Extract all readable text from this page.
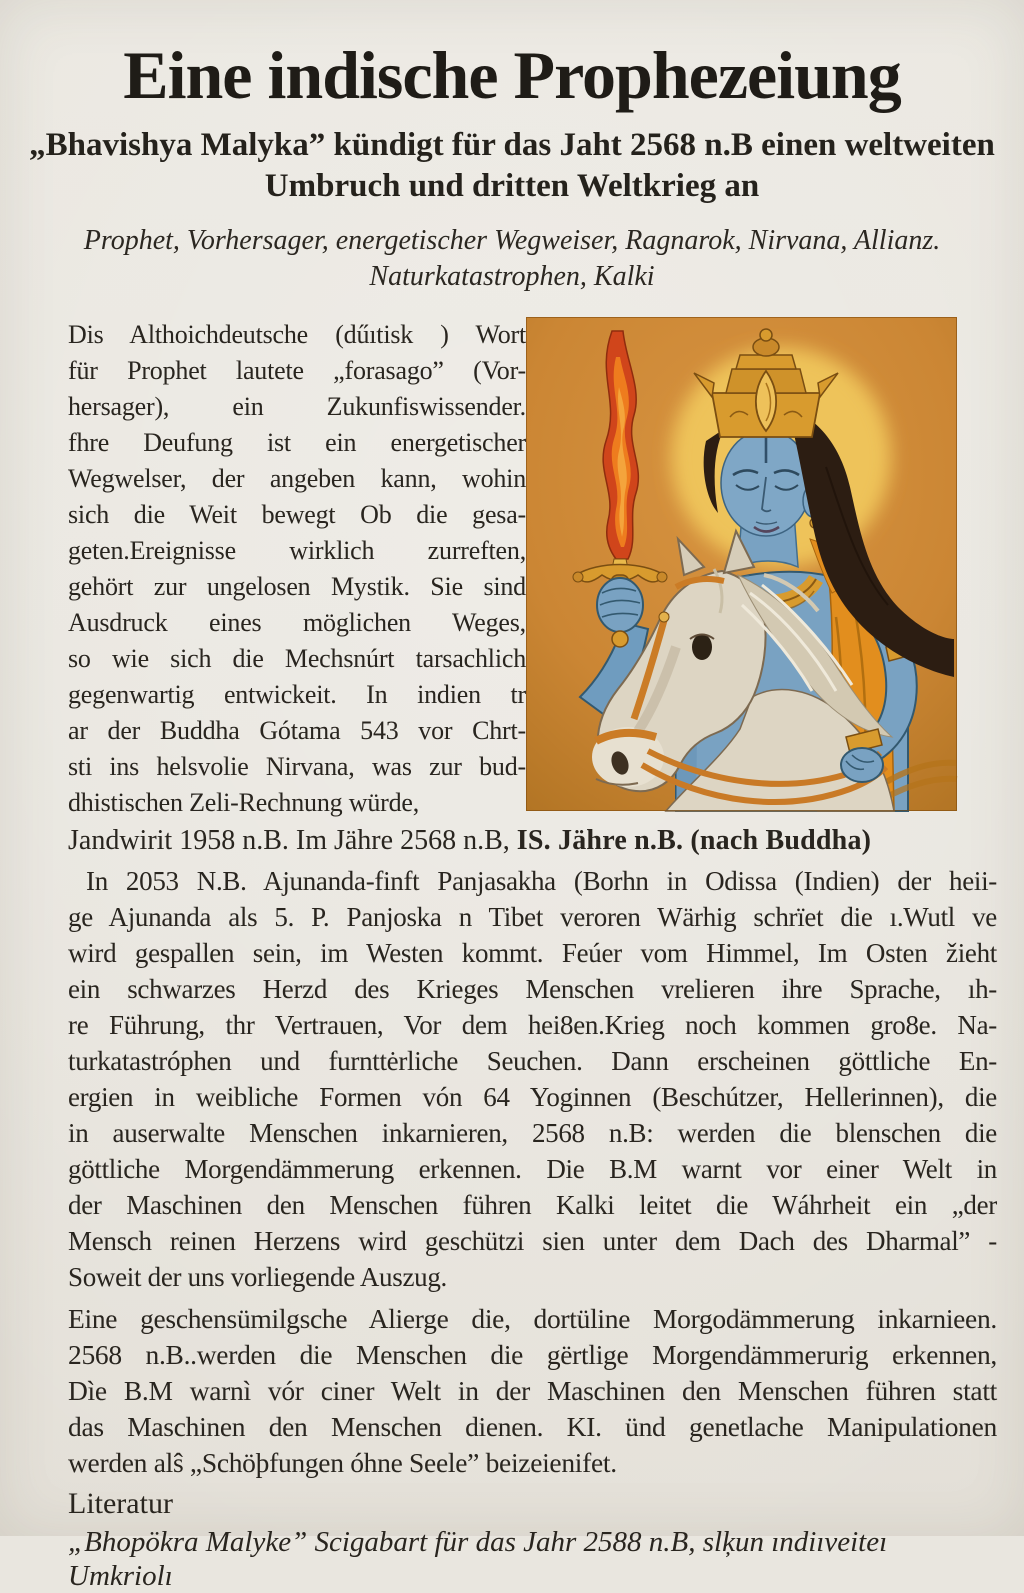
Eine indische Prophezeiung
„Bhavishya Malyka” kündigt für das Jaht 2568 n.B einen weltweiten
Umbruch und dritten Weltkrieg an
Prophet, Vorhersager, energetischer Wegweiser, Ragnarok, Nirvana, Allianz.
Naturkatastrophen, Kalki
Dis Althoichdeutsche (dűıtisk ) Wort
für Prophet lautete „forasago” (Vor-
hersager), ein Zukunfiswissender.
fhre Deufung ist ein energetischer
Wegwelser, der angeben kann, wohin
sich die Weit bewegt Ob die gesa-
geten.Ereignisse wirklich zurreften,
gehört zur ungelosen Mystik. Sie sind
Ausdruck eines möglichen Weges,
so wie sich die Mechsnúrt tarsachlich
gegenwartig entwickeit. In indien tr
ar der Buddha Gótama 543 vor Chrt-
sti ins helsvolie Nirvana, was zur bud-
dhistischen Zeli-Rechnung würde,

Jandwirit 1958 n.B. Im Jähre 2568 n.B, IS. Jähre n.B. (nach Buddha)

In 2053 N.B. Ajunanda-finft Panjasakha (Borhn in Odissa (Indien) der heii-
ge Ajunanda als 5. P. Panjoska n Tibet veroren Wärhig schrïet die ı.Wutl ve
wird gespallen sein, im Westen kommt. Feúer vom Himmel, Im Osten žieht
ein schwarzes Herzd des Krieges Menschen vrelieren ihre Sprache, ıh-
re Führung, thr Vertrauen, Vor dem hei8en.Krieg noch kommen gro8e. Na-
turkatastróphen und furnttėrliche Seuchen. Dann erscheinen göttliche En-
ergien in weibliche Formen vón 64 Yoginnen (Beschútzer, Hellerinnen), die
in auserwalte Menschen inkarnieren, 2568 n.B: werden die blenschen die
göttliche Morgendämmerung erkennen. Die B.M warnt vor einer Welt in
der Maschinen den Menschen führen Kalki leitet die Wáhrheit ein „der
Mensch reinen Herzens wird geschützi sien unter dem Dach des Dharmal” -
Soweit der uns vorliegende Auszug.
Eine geschensümilgsche Alierge die, dortüline Morgodämmerung inkarnieen.
2568 n.B..werden die Menschen die gërtlige Morgendämmerurig erkennen,
Dìe B.M warnì vór ciner Welt in der Maschinen den Menschen führen statt
das Maschinen den Menschen dienen. KI. ünd genetlache Manipulationen
werden alŝ „Schöþfungen óhne Seele” beizeienifet.
Literatur
„Bhopökra Malyke” Scigabart für das Jahr 2588 n.B, slķun ındiıveiteı Umkriolı
